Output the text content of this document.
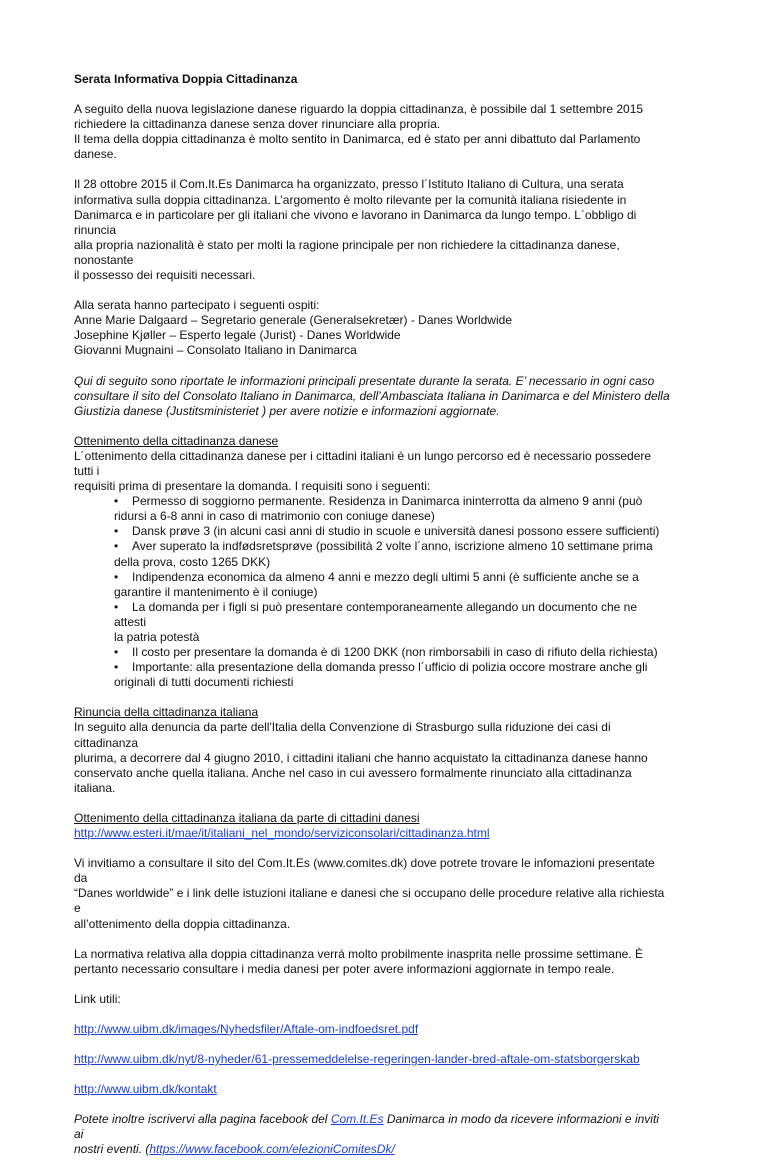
Serata Informativa Doppia Cittadinanza

A seguito della nuova legislazione danese riguardo la doppia cittadinanza, è possibile dal 1 settembre 2015
richiedere la cittadinanza danese senza dover rinunciare alla propria.
Il tema della doppia cittadinanza è molto sentito in Danimarca, ed è stato per anni dibattuto dal Parlamento
danese.

Il 28 ottobre 2015 il Com.It.Es Danimarca ha organizzato, presso l´Istituto Italiano di Cultura, una serata
informativa sulla doppia cittadinanza. L’argomento è molto rilevante per la comunità italiana risiedente in
Danimarca e in particolare per gli italiani che vivono e lavorano in Danimarca da lungo tempo. L´obbligo di rinuncia
alla propria nazionalità è stato per molti la ragione principale per non richiedere la cittadinanza danese, nonostante
il possesso dei requisiti necessari.

Alla serata hanno partecipato i seguenti ospiti:
Anne Marie Dalgaard – Segretario generale (Generalsekretær) - Danes Worldwide
Josephine Kjøller – Esperto legale (Jurist) - Danes Worldwide
Giovanni Mugnaini – Consolato Italiano in Danimarca

Qui di seguito sono riportate le informazioni principali presentate durante la serata. E’ necessario in ogni caso
consultare il sito del Consolato Italiano in Danimarca, dell’Ambasciata Italiana in Danimarca e del Ministero della
Giustizia danese (Justitsministeriet ) per avere notizie e informazioni aggiornate.

Ottenimento della cittadinanza danese
L´ottenimento della cittadinanza danese per i cittadini italiani è un lungo percorso ed è necessario possedere tutti i
requisiti prima di presentare la domanda. I requisiti sono i seguenti:
• Permesso di soggiorno permanente. Residenza in Danimarca ininterrotta da almeno 9 anni (può
ridursi a 6-8 anni in caso di matrimonio con coniuge danese)
• Dansk prøve 3 (in alcuni casi anni di studio in scuole e università danesi possono essere sufficienti)
• Aver superato la indfødsretsprøve (possibilità 2 volte l´anno, iscrizione almeno 10 settimane prima
della prova, costo 1265 DKK)
• Indipendenza economica da almeno 4 anni e mezzo degli ultimi 5 anni (è sufficiente anche se a
garantire il mantenimento è il coniuge)
• La domanda per i figli si può presentare contemporaneamente allegando un documento che ne attesti
la patria potestà
• Il costo per presentare la domanda è di 1200 DKK (non rimborsabili in caso di rifiuto della richiesta)
• Importante: alla presentazione della domanda presso l´ufficio di polizia occore mostrare anche gli
originali di tutti documenti richiesti

Rinuncia della cittadinanza italiana
In seguito alla denuncia da parte dell'Italia della Convenzione di Strasburgo sulla riduzione dei casi di cittadinanza
plurima, a decorrere dal 4 giugno 2010, i cittadini italiani che hanno acquistato la cittadinanza danese hanno
conservato anche quella italiana. Anche nel caso in cui avessero formalmente rinunciato alla cittadinanza italiana.

Ottenimento della cittadinanza italiana da parte di cittadini danesi
http://www.esteri.it/mae/it/italiani_nel_mondo/serviziconsolari/cittadinanza.html

Vi invitiamo a consultare il sito del Com.It.Es (www.comites.dk) dove potrete trovare le infomazioni presentate da
“Danes worldwide” e i link delle istuzioni italiane e danesi che si occupano delle procedure relative alla richiesta e
all’ottenimento della doppia cittadinanza.

La normativa relativa alla doppia cittadinanza verrá molto probilmente inasprita nelle prossime settimane. È
pertanto necessario consultare i media danesi per poter avere informazioni aggiornate in tempo reale.

Link utili:

http://www.uibm.dk/images/Nyhedsfiler/Aftale-om-indfoedsret.pdf

http://www.uibm.dk/nyt/8-nyheder/61-pressemeddelelse-regeringen-lander-bred-aftale-om-statsborgerskab

http://www.uibm.dk/kontakt

Potete inoltre iscrivervi alla pagina facebook del Com.It.Es Danimarca in modo da ricevere informazioni e inviti ai
nostri eventi. (https://www.facebook.com/elezioniComitesDk/
